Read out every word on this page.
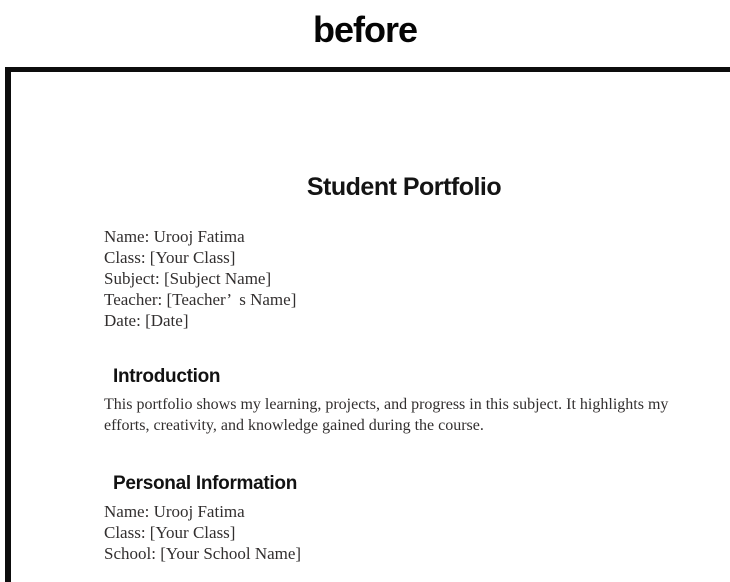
before
Student Portfolio
Name: Urooj Fatima
Class: [Your Class]
Subject: [Subject Name]
Teacher: [Teacher’  s Name]
Date: [Date]
Introduction
This portfolio shows my learning, projects, and progress in this subject. It highlights my
efforts, creativity, and knowledge gained during the course.
Personal Information
Name: Urooj Fatima
Class: [Your Class]
School: [Your School Name]
